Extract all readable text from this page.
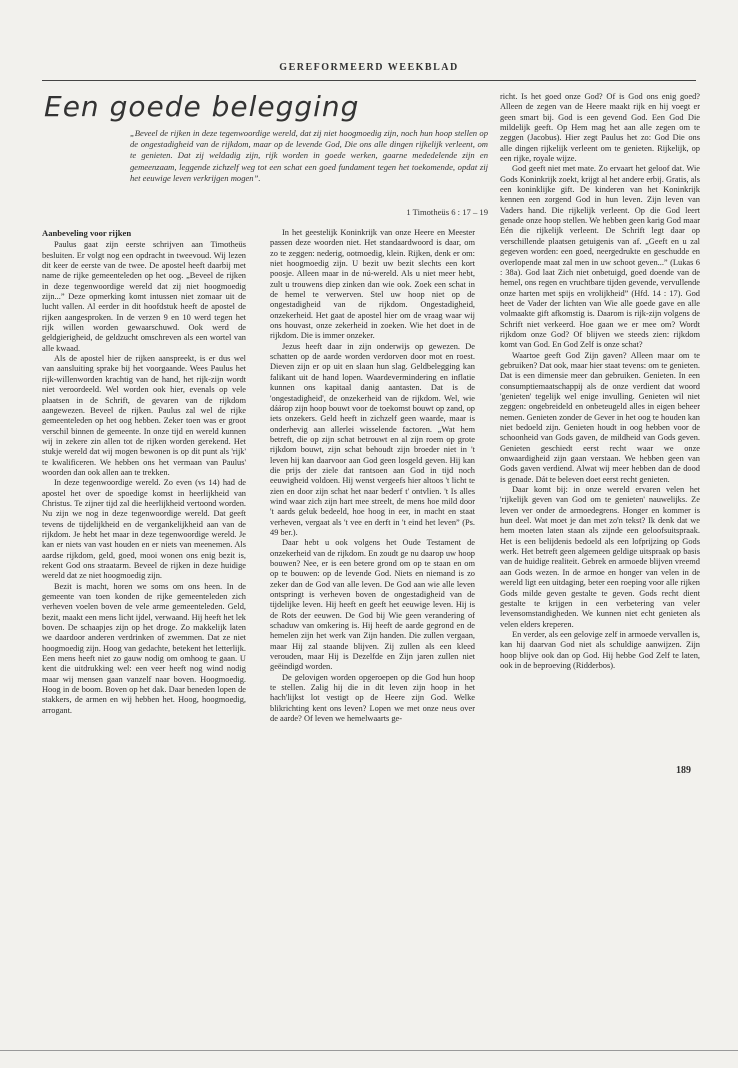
GEREFORMEERD WEEKBLAD
Een goede belegging
„Beveel de rijken in deze tegenwoordige wereld, dat zij niet hoogmoedig zijn, noch hun hoop stellen op de ongestadigheid van de rijkdom, maar op de levende God, Die ons alle dingen rijkelijk verleent, om te genieten. Dat zij weldadig zijn, rijk worden in goede werken, gaarne mededelende zijn en gemeenzaam, leggende zichzelf weg tot een schat een goed fundament tegen het toekomende, opdat zij het eeuwige leven verkrijgen mogen”.
1 Timotheüs 6 : 17 – 19
Aanbeveling voor rijken

Paulus gaat zijn eerste schrijven aan Timotheüs besluiten. Er volgt nog een opdracht in tweevoud. Wij lezen dit keer de eerste van de twee. De apostel heeft daarbij met name de rijke gemeenteleden op het oog. „Beveel de rijken in deze tegenwoordige wereld dat zij niet hoogmoedig zijn...” Deze opmerking komt intussen niet zomaar uit de lucht vallen. Al eerder in dit hoofdstuk heeft de apostel de rijken aangesproken. In de verzen 9 en 10 werd tegen het rijk willen worden gewaarschuwd. Ook werd de geldgierigheid, de geldzucht omschreven als een wortel van alle kwaad.

Als de apostel hier de rijken aanspreekt, is er dus wel van aansluiting sprake bij het voorgaande. Wees Paulus het rijk-willenworden krachtig van de hand, het rijk-zijn wordt niet veroordeeld. Wel worden ook hier, evenals op vele plaatsen in de Schrift, de gevaren van de rijkdom aangewezen. Beveel de rijken. Paulus zal wel de rijke gemeenteleden op het oog hebben. Zeker toen was er groot verschil binnen de gemeente. In onze tijd en wereld kunnen wij in zekere zin allen tot de rijken worden gerekend. Het stukje wereld dat wij mogen bewonen is op dit punt als 'rijk' te kwalificeren. We hebben ons het vermaan van Paulus' woorden dan ook allen aan te trekken.

In deze tegenwoordige wereld. Zo even (vs 14) had de apostel het over de spoedige komst in heerlijkheid van Christus. Te zijner tijd zal die heerlijkheid vertoond worden. Nu zijn we nog in deze tegenwoordige wereld. Dat geeft tevens de tijdelijkheid en de vergankelijkheid aan van de rijkdom. Je hebt het maar in deze tegenwoordige wereld. Je kan er niets van vast houden en er niets van meenemen. Als aardse rijkdom, geld, goed, mooi wonen ons enig bezit is, rekent God ons straatarm. Beveel de rijken in deze huidige wereld dat ze niet hoogmoedig zijn.

Bezit is macht, horen we soms om ons heen. In de gemeente van toen konden de rijke gemeenteleden zich verheven voelen boven de vele arme gemeenteleden. Geld, bezit, maakt een mens licht ijdel, verwaand. Hij heeft het lek boven. De schaapjes zijn op het droge. Zo makkelijk laten we daardoor anderen verdrinken of zwemmen. Dat ze niet hoogmoedig zijn. Hoog van gedachte, betekent het letterlijk. Een mens heeft niet zo gauw nodig om omhoog te gaan. U kent die uitdrukking wel: een veer heeft nog wind nodig maar wij mensen gaan vanzelf naar boven. Hoogmoedig. Hoog in de boom. Boven op het dak. Daar beneden lopen de stakkers, de armen en wij hebben het. Hoog, hoogmoedig, arrogant.

In het geestelijk Koninkrijk van onze Heere en Meester passen deze woorden niet. Het standaardwoord is daar, om zo te zeggen: nederig, ootmoedig, klein. Rijken, denk er om: niet hoogmoedig zijn. U bezit uw bezit slechts een kort poosje. Alleen maar in de nú-wereld. Als u niet meer hebt, zult u trouwens diep zinken dan wie ook. Zoek een schat in de hemel te verwerven. Stel uw hoop niet op de ongestadigheid van de rijkdom. Ongestadigheid, onzekerheid. Het gaat de apostel hier om de vraag waar wij ons houvast, onze zekerheid in zoeken. Wie het doet in de rijkdom. Die is immer onzeker.

Jezus heeft daar in zijn onderwijs op gewezen. De schatten op de aarde worden verdorven door mot en roest. Dieven zijn er op uit en slaan hun slag. Geldbelegging kan falikant uit de hand lopen. Waardevermindering en inflatie kunnen ons kapitaal danig aantasten. Dat is de 'ongestadigheid', de onzekerheid van de rijkdom. Wel, wie dáárop zijn hoop bouwt voor de toekomst bouwt op zand, op iets onzekers. Geld heeft in zichzelf geen waarde, maar is onderhevig aan allerlei wisselende factoren. „Wat hem betreft, die op zijn schat betrouwt en al zijn roem op grote rijkdom bouwt, zijn schat behoudt zijn broeder niet in 't leven hij kan daarvoor aan God geen losgeld geven. Hij kan die prijs der ziele dat rantsoen aan God in tijd noch eeuwigheid voldoen. Hij wenst vergeefs hier altoos 't licht te zien en door zijn schat het naar bederf t' ontvlien. 't Is alles wind waar zich zijn hart mee streelt, de mens hoe mild door 't aards geluk bedeeld, hoe hoog in eer, in macht en staat verheven, vergaat als 't vee en derft in 't eind het leven” (Ps. 49 ber.).

Daar hebt u ook volgens het Oude Testament de onzekerheid van de rijkdom. En zoudt ge nu daarop uw hoop bouwen? Nee, er is een betere grond om op te staan en om op te bouwen: op de levende God. Niets en niemand is zo zeker dan de God van alle leven. De God aan wie alle leven ontspringt is verheven boven de ongestadigheid van de tijdelijke leven. Hij heeft en geeft het eeuwige leven. Hij is de Rots der eeuwen. De God bij Wie geen verandering of schaduw van omkering is. Hij heeft de aarde gegrond en de hemelen zijn het werk van Zijn handen. Die zullen vergaan, maar Hij zal staande blijven. Zij zullen als een kleed verouden, maar Hij is Dezelfde en Zijn jaren zullen niet geëindigd worden.

De gelovigen worden opgeroepen op die God hun hoop te stellen. Zalig hij die in dit leven zijn hoop in het hach'lijkst lot vestigt op de Heere zijn God. Welke blikrichting kent ons leven? Lopen we met onze neus over de aarde? Of leven we hemelwaarts ge-

richt. Is het goed onze God? Of is God ons enig goed? Alleen de zegen van de Heere maakt rijk en hij voegt er geen smart bij. God is een gevend God. Een God Die mildelijk geeft. Op Hem mag het aan alle zegen om te zeggen (Jacobus). Hier zegt Paulus het zo: God Die ons alle dingen rijkelijk verleent om te genieten. Rijkelijk, op een rijke, royale wijze.

God geeft niet met mate. Zo ervaart het geloof dat. Wie Gods Koninkrijk zoekt, krijgt al het andere erbij. Gratis, als een koninklijke gift. De kinderen van het Koninkrijk kennen een zorgend God in hun leven. Zijn leven van Vaders hand. Die rijkelijk verleent. Op die God leert genade onze hoop stellen. We hebben geen karig God maar Eén die rijkelijk verleent. De Schrift legt daar op verschillende plaatsen getuigenis van af. „Geeft en u zal gegeven worden: een goed, neergedrukte en geschudde en overlopende maat zal men in uw schoot geven...” (Lukas 6 : 38a). God laat Zich niet onbetuigd, goed doende van de hemel, ons regen en vruchtbare tijden gevende, vervullende onze harten met spijs en vrolijkheid” (Hfd. 14 : 17). God heet de Vader der lichten van Wie alle goede gave en alle volmaakte gift afkomstig is. Daarom is rijk-zijn volgens de Schrift niet verkeerd. Hoe gaan we er mee om? Wordt rijkdom onze God? Of blijven we steeds zien: rijkdom komt van God. En God Zelf is onze schat?

Waartoe geeft God Zijn gaven? Alleen maar om te gebruiken? Dat ook, maar hier staat tevens: om te genieten. Dat is een dimensie meer dan gebruiken. Genieten. In een consumptiemaatschappij als de onze verdient dat woord 'genieten' tegelijk wel enige invulling. Genieten wil niet zeggen: ongebreideld en onbeteugeld alles in eigen beheer nemen. Genieten zonder de Gever in het oog te houden kan niet bedoeld zijn. Genieten houdt in oog hebben voor de schoonheid van Gods gaven, de mildheid van Gods geven. Genieten geschiedt eerst recht waar we onze onwaardigheid zijn gaan verstaan. We hebben geen van Gods gaven verdiend. Alwat wij meer hebben dan de dood is genade. Dát te beleven doet eerst recht genieten.

Daar komt bij: in onze wereld ervaren velen het 'rijkelijk geven van God om te genieten' nauwelijks. Ze leven ver onder de armoedegrens. Honger en kommer is hun deel. Wat moet je dan met zo'n tekst? Ik denk dat we hem moeten laten staan als zijnde een geloofsuitspraak. Het is een belijdenis bedoeld als een lofprijzing op Gods werk. Het betreft geen algemeen geldige uitspraak op basis van de huidige realiteit. Gebrek en armoede blijven vreemd aan Gods wezen. In de armoe en honger van velen in de wereld ligt een uitdaging, beter een roeping voor alle rijken Gods milde geven gestalte te geven. Gods recht dient gestalte te krijgen in een verbetering van veler levensomstandigheden. We kunnen niet echt genieten als velen elders kreperen.

En verder, als een gelovige zelf in armoede vervallen is, kan hij daarvan God niet als schuldige aanwijzen. Zijn hoop blijve ook dan op God. Hij hebbe God Zelf te laten, ook in de beproeving (Ridderbos).

189
